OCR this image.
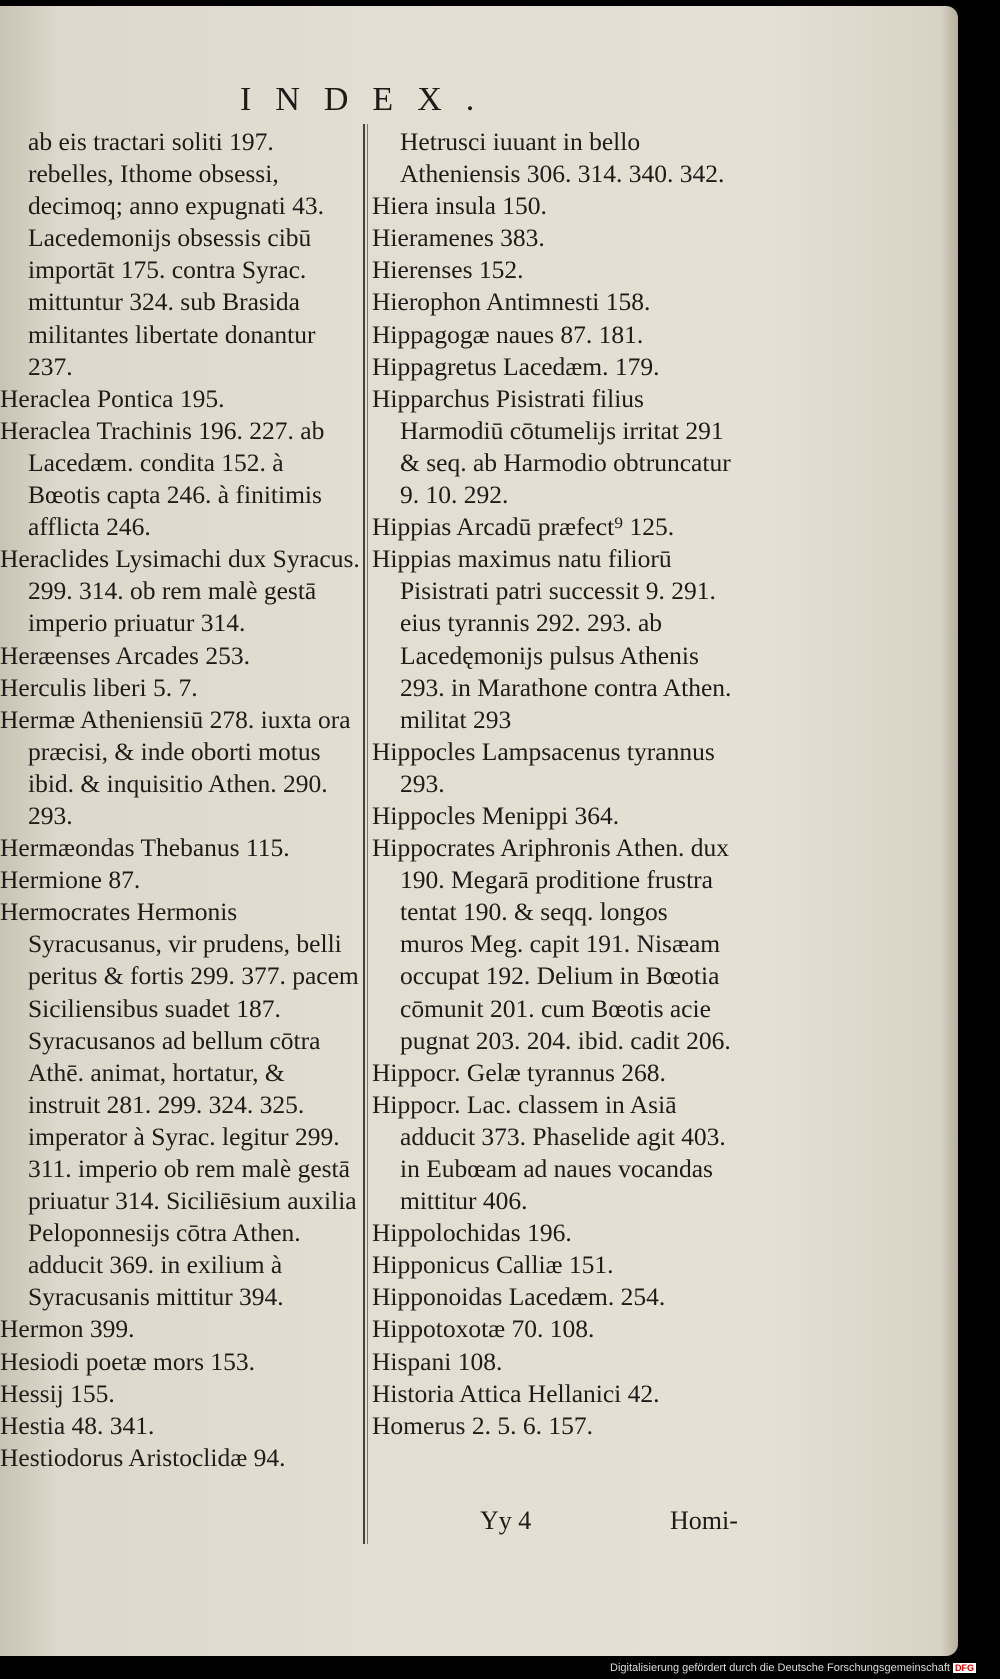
INDEX.
ab eis tractari soliti 197. rebelles, Ithome obsessi, decimoq; anno expugnati 43. Lacedemonijs obsessis cibū importāt 175. contra Syrac. mittuntur 324. sub Brasida militantes libertate donantur 237.
Heraclea Pontica 195.
Heraclea Trachinis 196. 227. ab Lacedæm. condita 152. à Bœotis capta 246. à finitimis afflicta 246.
Heraclides Lysimachi dux Syracus. 299. 314. ob rem malè gestā imperio priuatur 314.
Heræenses Arcades 253.
Herculis liberi 5. 7.
Hermæ Atheniensiū 278. iuxta ora præcisi, & inde oborti motus ibid. & inquisitio Athen. 290. 293.
Hermæondas Thebanus 115.
Hermione 87.
Hermocrates Hermonis Syracusanus, vir prudens, belli peritus & fortis 299. 377. pacem Siciliensibus suadet 187. Syracusanos ad bellum cōtra Athē. animat, hortatur, & instruit 281. 299. 324. 325. imperator à Syrac. legitur 299. 311. imperio ob rem malè gestā priuatur 314. Siciliēsium auxilia Peloponnesijs cōtra Athen. adducit 369. in exilium à Syracusanis mittitur 394.
Hermon 399.
Hesiodi poetæ mors 153.
Hessij 155.
Hestia 48. 341.
Hestiodorus Aristoclidæ 94.
Hetrusci iuuant in bello Atheniensis 306. 314. 340. 342.
Hiera insula 150.
Hieramenes 383.
Hierenses 152.
Hierophon Antimnesti 158.
Hippagogæ naues 87. 181.
Hippagretus Lacedæm. 179.
Hipparchus Pisistrati filius Harmodiū cōtumelijs irritat 291 & seq. ab Harmodio obtruncatur 9. 10. 292.
Hippias Arcadū præfect⁹ 125.
Hippias maximus natu filiorū Pisistrati patri successit 9. 291. eius tyrannis 292. 293. ab Lacedęmonijs pulsus Athenis 293. in Marathone contra Athen. militat 293
Hippocles Lampsacenus tyrannus 293.
Hippocles Menippi 364.
Hippocrates Ariphronis Athen. dux 190. Megarā proditione frustra tentat 190. & seqq. longos muros Meg. capit 191. Nisæam occupat 192. Delium in Bœotia cōmunit 201. cum Bœotis acie pugnat 203. 204. ibid. cadit 206.
Hippocr. Gelæ tyrannus 268.
Hippocr. Lac. classem in Asiā adducit 373. Phaselide agit 403. in Eubœam ad naues vocandas mittitur 406.
Hippolochidas 196.
Hipponicus Calliæ 151.
Hipponoidas Lacedæm. 254.
Hippotoxotæ 70. 108.
Hispani 108.
Historia Attica Hellanici 42.
Homerus 2. 5. 6. 157.
Yy 4	Homi-
Digitalisierung gefördert durch die Deutsche Forschungsgemeinschaft DFG
